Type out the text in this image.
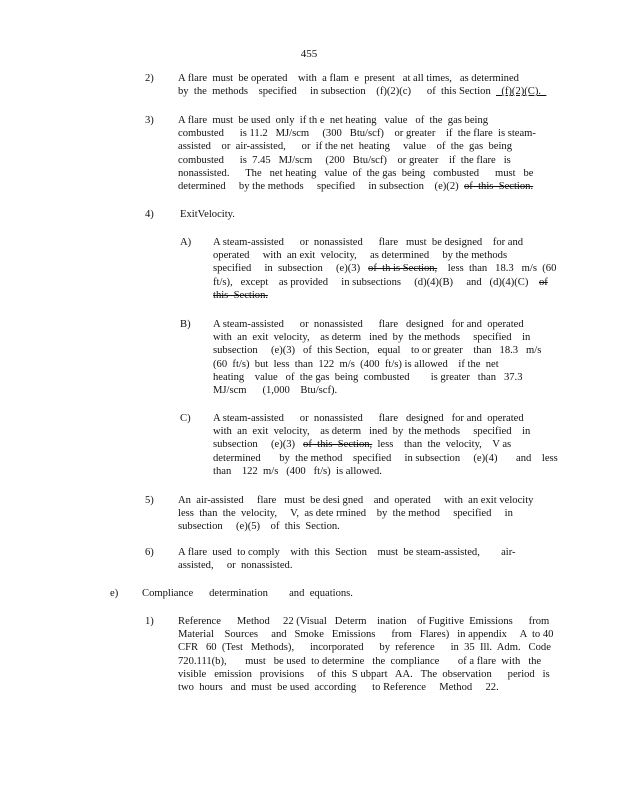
455
2) A flare  must  be operated    with  a flam  e  present   at all times,   as determined
by  the  methods    specified     in subsection    (f)(2)(c)      of  this Section    (f)(2)(C).
3) A flare  must  be used  only  if th e  net heating   value   of  the  gas being
combusted      is 11.2   MJ/scm     (300   Btu/scf)    or greater    if  the flare  is steam-
assisted    or  air-assisted,      or  if the net  heating     value    of  the  gas  being
combusted      is  7.45   MJ/scm     (200   Btu/scf)    or greater    if  the flare   is
nonassisted.      The   net heating   value  of  the gas  being   combusted      must   be
determined     by the methods     specified     in subsection    (e)(2)  of  this  Section.
4) ExitVelocity.
A) A steam-assisted      or  nonassisted      flare   must  be designed    for and
operated     with  an exit  velocity,     as determined     by the methods
specified     in  subsection     (e)(3)   of  th is Section,    less  than   18.3   m/s  (60
ft/s),   except    as provided     in subsections     (d)(4)(B)     and   (d)(4)(C)    of
this  Section.
B) A steam-assisted      or  nonassisted      flare   designed   for and  operated
with  an  exit  velocity,    as determ   ined  by  the methods     specified    in
subsection     (e)(3)   of  this Section,   equal    to or greater    than   18.3   m/s
(60  ft/s)  but  less  than  122  m/s  (400  ft/s) is allowed    if the  net
heating    value   of  the gas  being  combusted        is greater   than   37.3
MJ/scm      (1,000    Btu/scf).
C) A steam-assisted      or  nonassisted      flare   designed   for and  operated
with  an  exit  velocity,    as determ   ined  by  the methods     specified    in
subsection     (e)(3)   of  this  Section,  less    than  the  velocity,    V as
determined       by  the method    specified     in subsection     (e)(4)       and    less
than    122  m/s   (400   ft/s)  is allowed.
5) An  air-assisted     flare   must  be desi gned    and  operated     with  an exit velocity
less  than  the  velocity,     V,  as dete rmined    by  the method     specified     in
subsection     (e)(5)    of  this  Section.
6) A flare  used  to comply    with  this  Section    must  be steam-assisted,        air-
assisted,     or  nonassisted.
e) Compliance      determination        and  equations.
1) Reference      Method     22 (Visual   Determ    ination    of Fugitive  Emissions      from
Material    Sources     and   Smoke   Emissions      from   Flares)   in appendix     A  to 40
CFR   60  (Test   Methods),      incorporated      by  reference      in  35  Ill.  Adm.   Code
720.111(b),       must   be used  to determine   the  compliance       of a flare  with   the
visible   emission   provisions     of  this  S ubpart   AA.   The  observation      period   is
two  hours   and  must  be used  according      to Reference     Method     22.
